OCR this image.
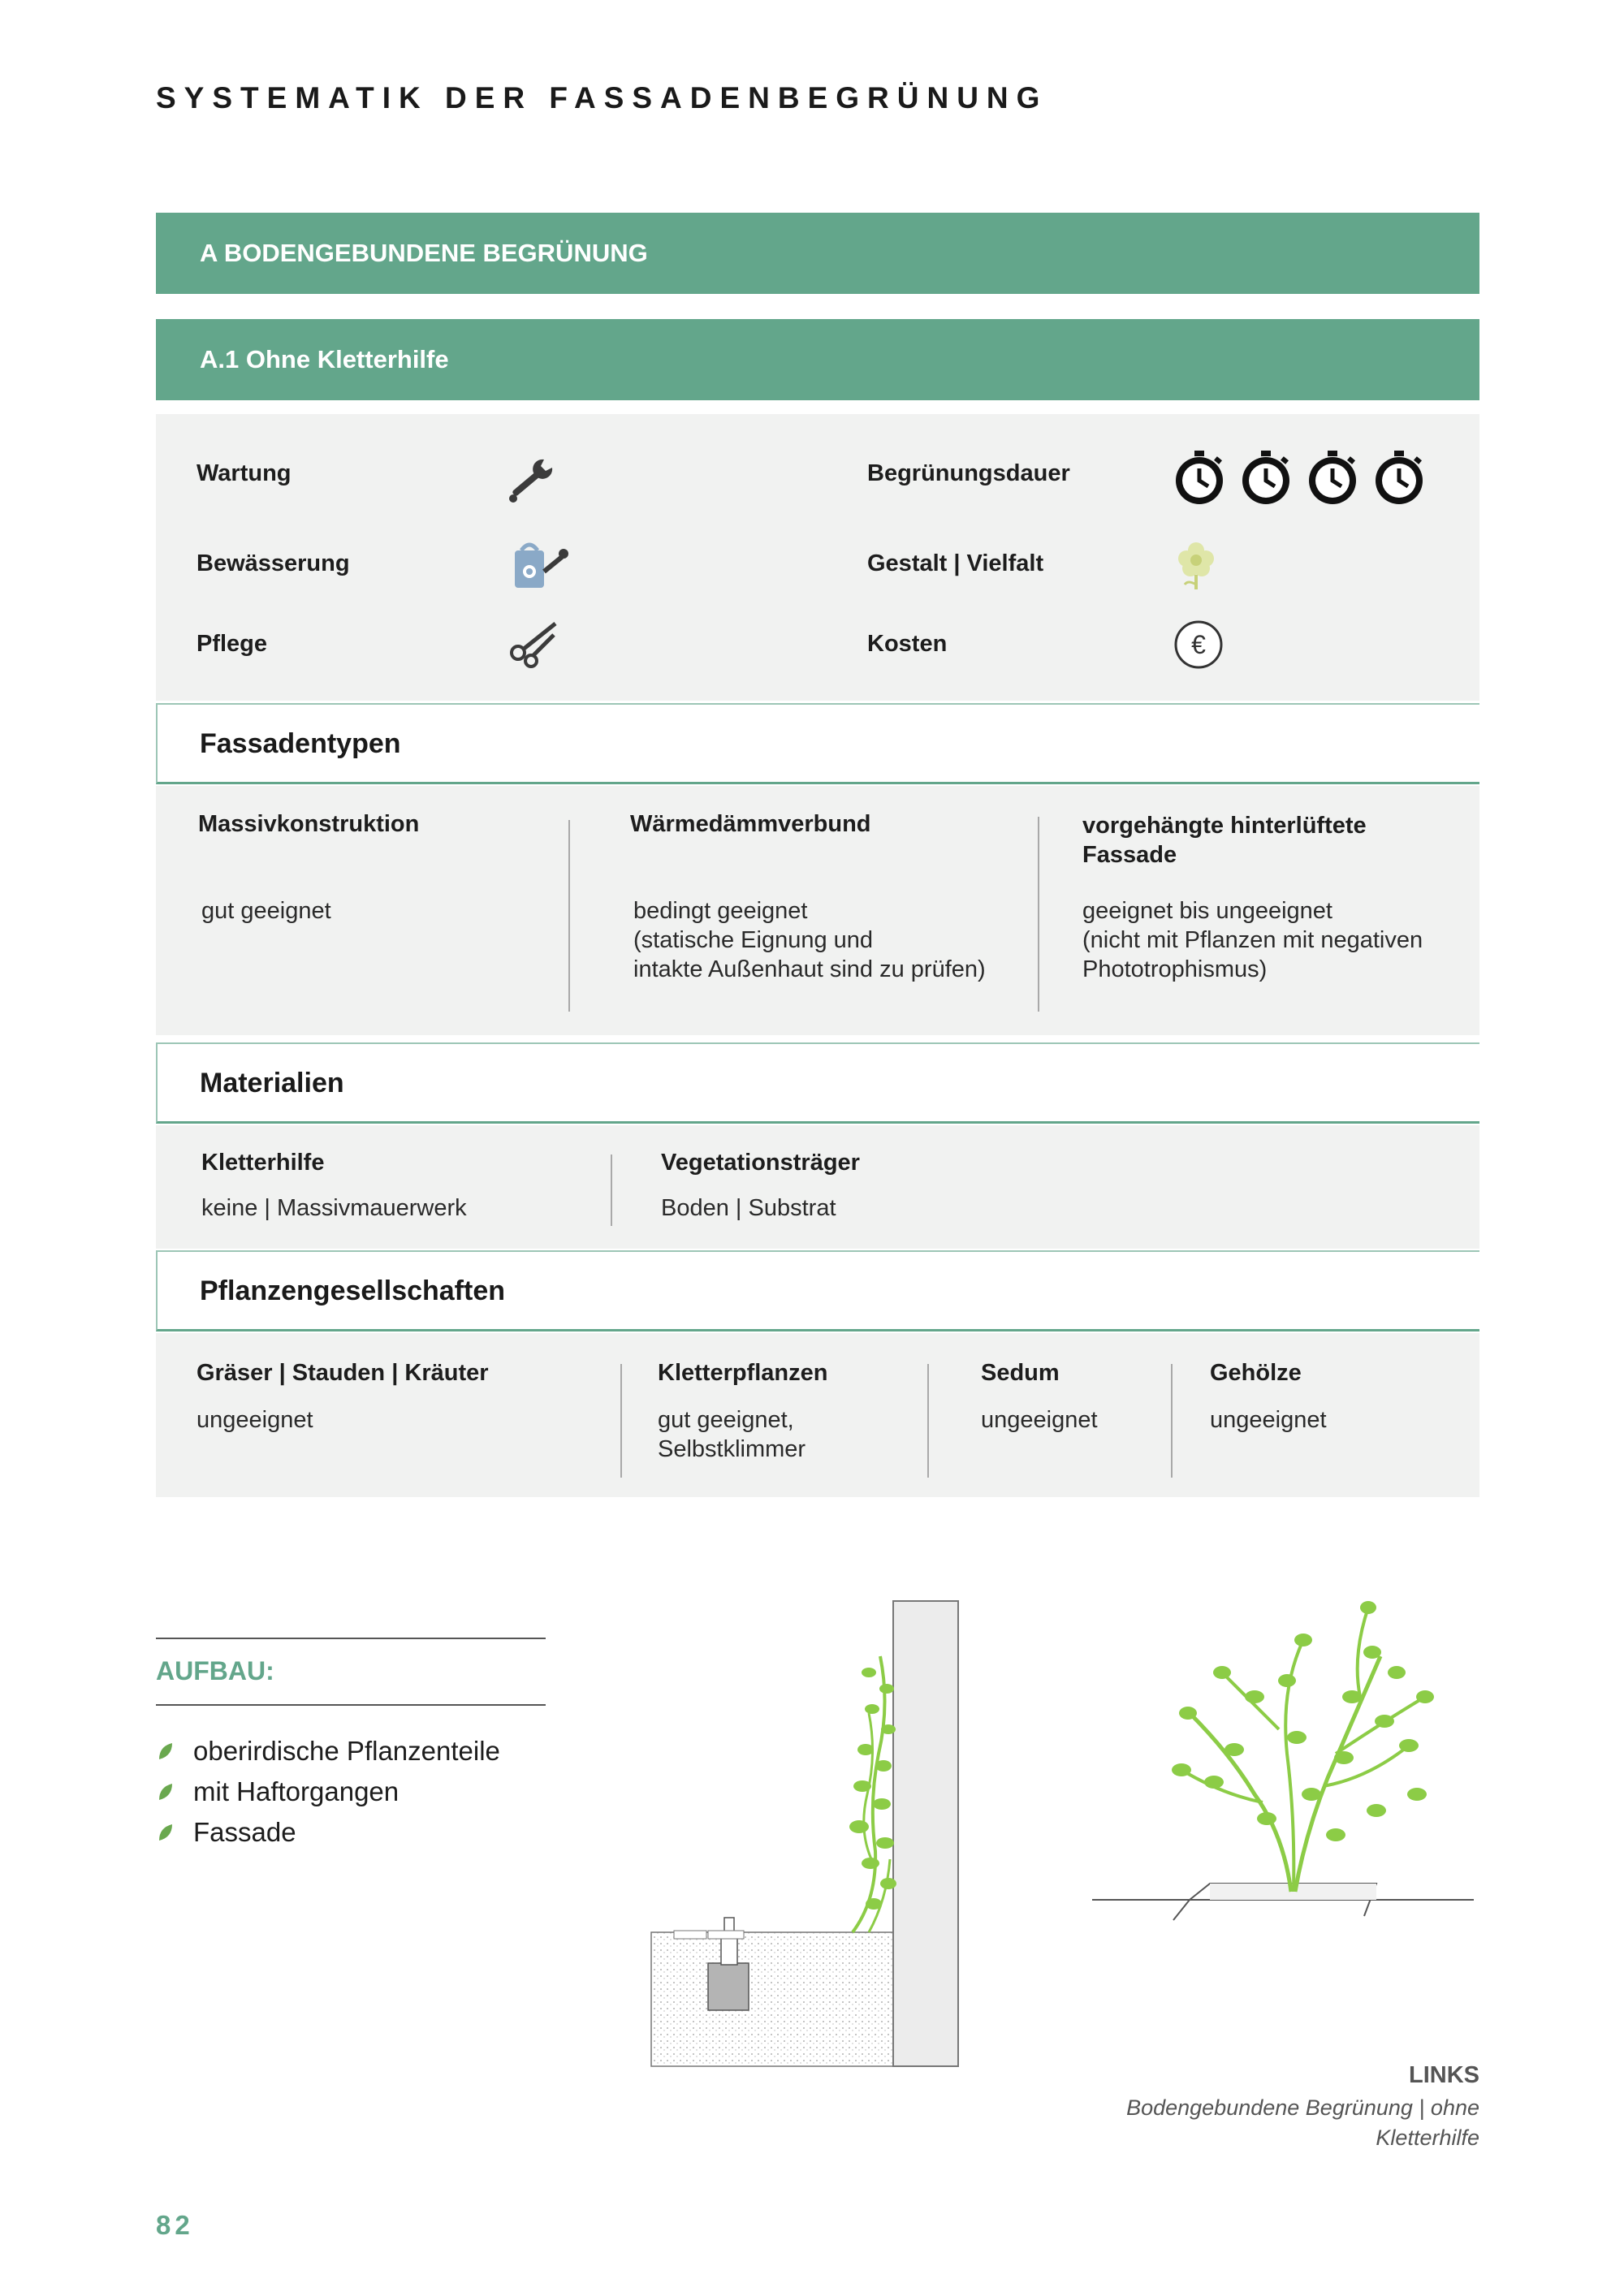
SYSTEMATIK DER FASSADENBEGRÜNUNG
A BODENGEBUNDENE BEGRÜNUNG
A.1 Ohne Kletterhilfe
Wartung
Bewässerung
Pflege
Begrünungsdauer
Gestalt | Vielfalt
Kosten	€
Fassadentypen
Massivkonstruktion
gut geeignet
Wärmedämmverbund
bedingt geeignet
(statische Eignung und
intakte Außenhaut sind zu prüfen)
vorgehängte hinterlüftete
Fassade
geeignet bis ungeeignet
(nicht mit Pflanzen mit negativen
Phototrophismus)
Materialien
Kletterhilfe
keine | Massivmauerwerk
Vegetationsträger
Boden | Substrat
Pflanzengesellschaften
Gräser | Stauden | Kräuter
ungeeignet
Kletterpflanzen
gut geeignet,
Selbstklimmer
Sedum
ungeeignet
Gehölze
ungeeignet
AUFBAU:
oberirdische Pflanzenteile
mit Haftorgangen
Fassade
LINKS
Bodengebundene Begrünung | ohne
Kletterhilfe
82
